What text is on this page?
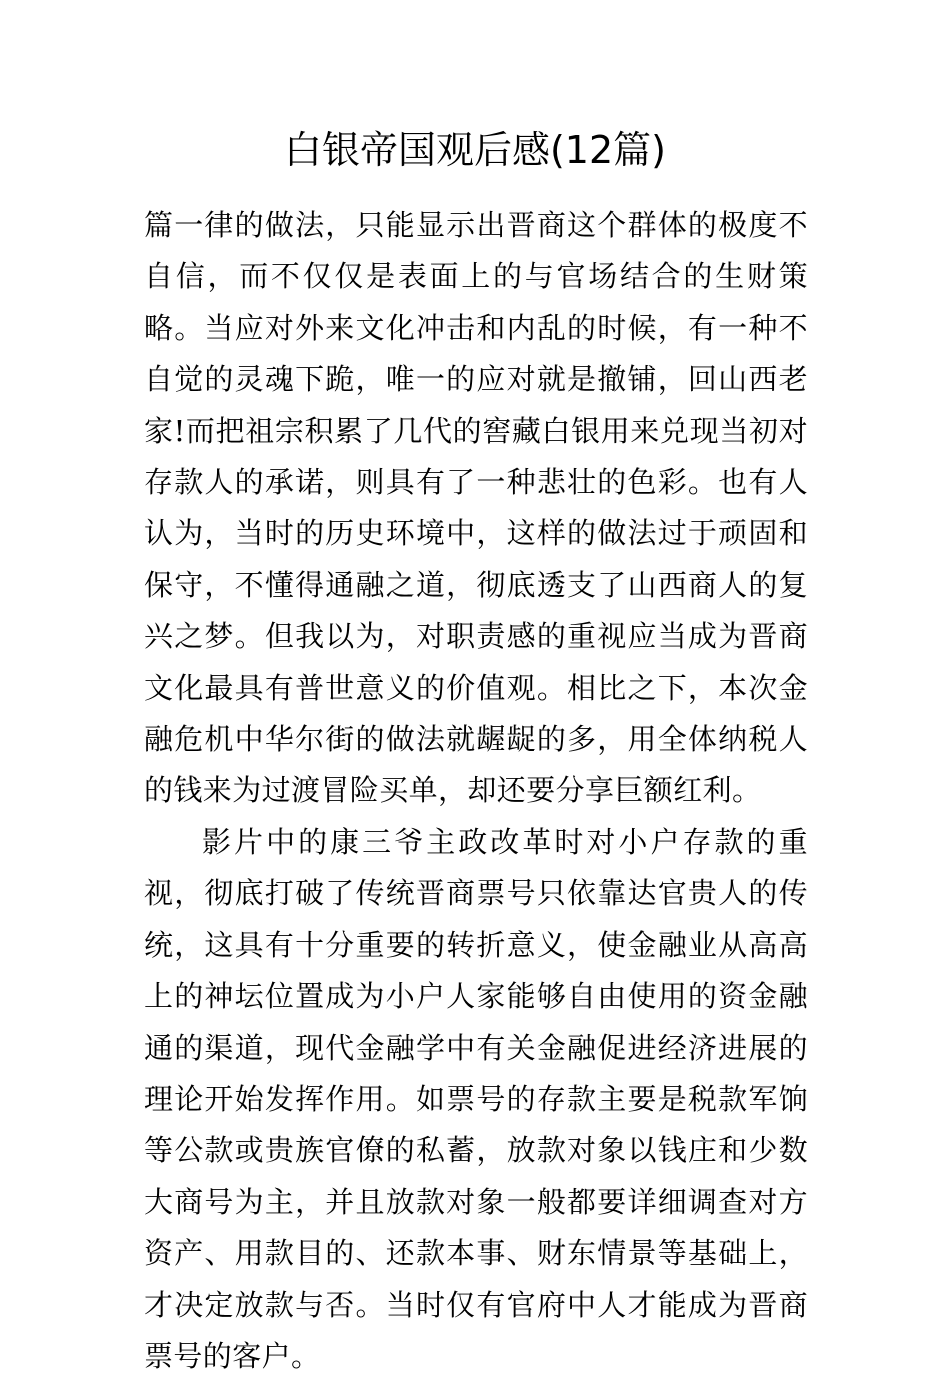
白银帝国观后感(12篇)

篇一律的做法，只能显示出晋商这个群体的极度不自信，而不仅仅是表面上的与官场结合的生财策略。当应对外来文化冲击和内乱的时候，有一种不自觉的灵魂下跪，唯一的应对就是撤铺，回山西老家!而把祖宗积累了几代的窖藏白银用来兑现当初对存款人的承诺，则具有了一种悲壮的色彩。也有人认为，当时的历史环境中，这样的做法过于顽固和保守，不懂得通融之道，彻底透支了山西商人的复兴之梦。但我以为，对职责感的重视应当成为晋商文化最具有普世意义的价值观。相比之下，本次金融危机中华尔街的做法就龌龊的多，用全体纳税人的钱来为过渡冒险买单，却还要分享巨额红利。

影片中的康三爷主政改革时对小户存款的重视，彻底打破了传统晋商票号只依靠达官贵人的传统，这具有十分重要的转折意义，使金融业从高高上的神坛位置成为小户人家能够自由使用的资金融通的渠道，现代金融学中有关金融促进经济进展的理论开始发挥作用。如票号的存款主要是税款军饷等公款或贵族官僚的私蓄，放款对象以钱庄和少数大商号为主，并且放款对象一般都要详细调查对方资产、用款目的、还款本事、财东情景等基础上，才决定放款与否。当时仅有官府中人才能成为晋商票号的客户。
